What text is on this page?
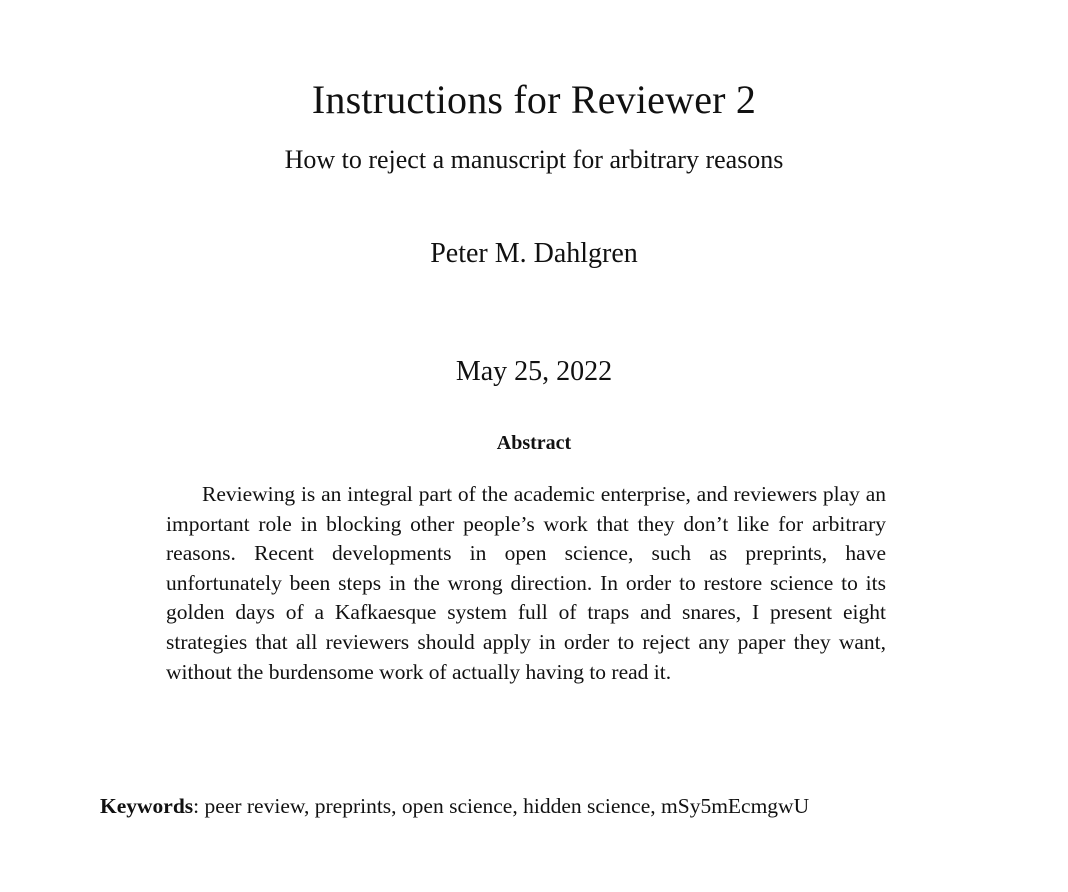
Instructions for Reviewer 2
How to reject a manuscript for arbitrary reasons
Peter M. Dahlgren
May 25, 2022
Abstract

Reviewing is an integral part of the academic enterprise, and reviewers play an important role in blocking other people’s work that they don’t like for arbitrary reasons. Recent developments in open science, such as preprints, have unfortunately been steps in the wrong direction. In order to restore science to its golden days of a Kafkaesque system full of traps and snares, I present eight strategies that all reviewers should apply in order to reject any paper they want, without the burdensome work of actually having to read it.

Keywords: peer review, preprints, open science, hidden science, mSy5mEcmgwU
